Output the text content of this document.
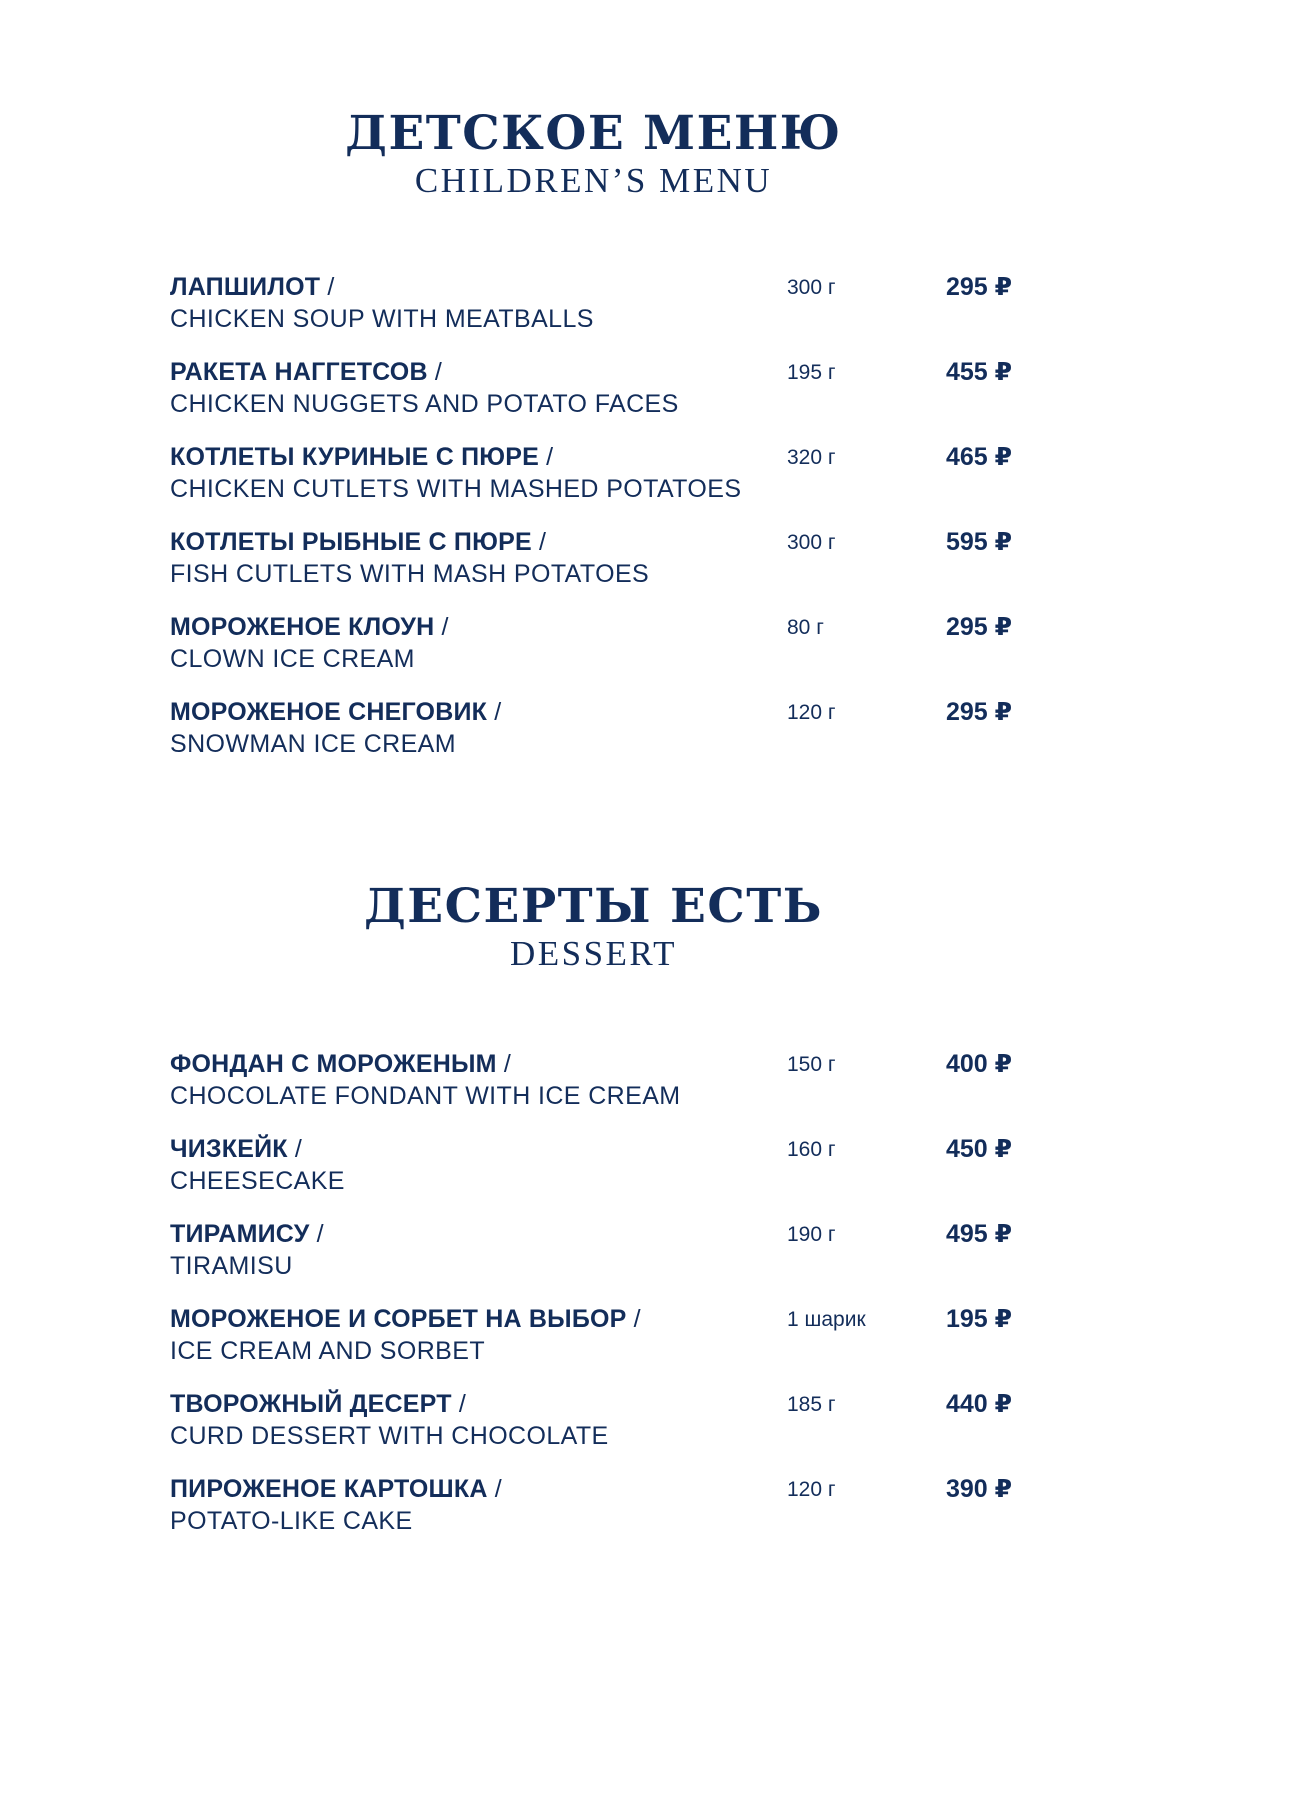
ДЕТСКОЕ МЕНЮ
CHILDREN’S MENU
ЛАПШИЛОТ /
CHICKEN SOUP WITH MEATBALLS
300 г	295 ₽
РАКЕТА НАГГЕТСОВ /
CHICKEN NUGGETS AND POTATO FACES
195 г	455 ₽
КОТЛЕТЫ КУРИНЫЕ С ПЮРЕ /
CHICKEN CUTLETS WITH MASHED POTATOES
320 г	465 ₽
КОТЛЕТЫ РЫБНЫЕ С ПЮРЕ /
FISH CUTLETS WITH MASH POTATOES
300 г	595 ₽
МОРОЖЕНОЕ КЛОУН /
CLOWN ICE CREAM
80 г	295 ₽
МОРОЖЕНОЕ СНЕГОВИК /
SNOWMAN ICE CREAM
120 г	295 ₽
ДЕСЕРТЫ ЕСТЬ
DESSERT
ФОНДАН С МОРОЖЕНЫМ /
CHOCOLATE FONDANT WITH ICE CREAM
150 г	400 ₽
ЧИЗКЕЙК /
CHEESECAKE
160 г	450 ₽
ТИРАМИСУ /
TIRAMISU
190 г	495 ₽
МОРОЖЕНОЕ И СОРБЕТ НА ВЫБОР /
ICE CREAM AND SORBET
1 шарик	195 ₽
ТВОРОЖНЫЙ ДЕСЕРТ /
CURD DESSERT WITH CHOCOLATE
185 г	440 ₽
ПИРОЖЕНОЕ КАРТОШКА /
POTATO-LIKE CAKE
120 г	390 ₽
